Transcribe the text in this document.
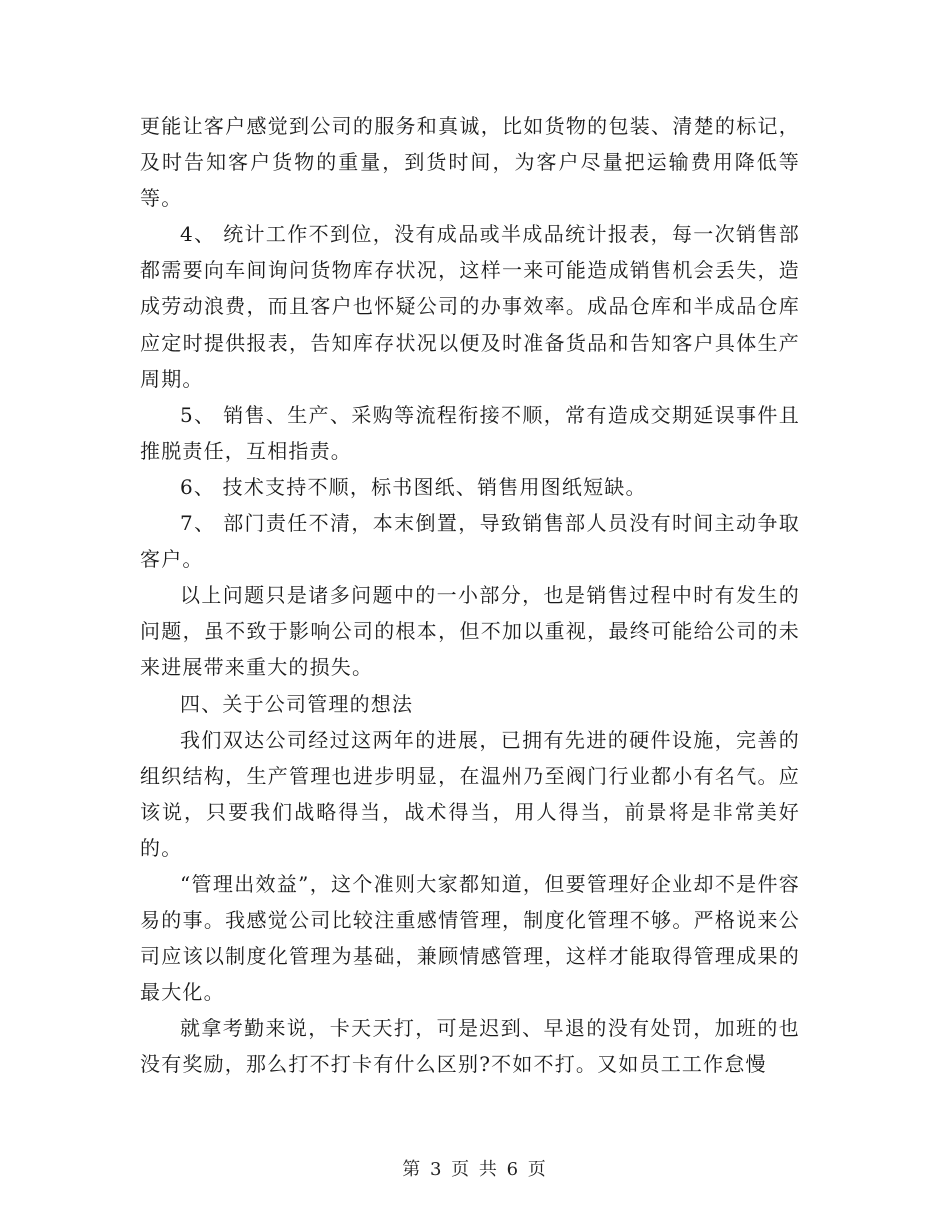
更能让客户感觉到公司的服务和真诚，比如货物的包装、清楚的标记，及时告知客户货物的重量，到货时间，为客户尽量把运输费用降低等等。

4、 统计工作不到位，没有成品或半成品统计报表，每一次销售部都需要向车间询问货物库存状况，这样一来可能造成销售机会丢失，造成劳动浪费，而且客户也怀疑公司的办事效率。成品仓库和半成品仓库应定时提供报表，告知库存状况以便及时准备货品和告知客户具体生产周期。

5、 销售、生产、采购等流程衔接不顺，常有造成交期延误事件且推脱责任，互相指责。

6、 技术支持不顺，标书图纸、销售用图纸短缺。

7、 部门责任不清，本末倒置，导致销售部人员没有时间主动争取客户。

以上问题只是诸多问题中的一小部分，也是销售过程中时有发生的问题，虽不致于影响公司的根本，但不加以重视，最终可能给公司的未来进展带来重大的损失。

四、关于公司管理的想法

我们双达公司经过这两年的进展，已拥有先进的硬件设施，完善的组织结构，生产管理也进步明显，在温州乃至阀门行业都小有名气。应该说，只要我们战略得当，战术得当，用人得当，前景将是非常美好的。

“管理出效益”，这个准则大家都知道，但要管理好企业却不是件容易的事。我感觉公司比较注重感情管理，制度化管理不够。严格说来公司应该以制度化管理为基础，兼顾情感管理，这样才能取得管理成果的最大化。

就拿考勤来说，卡天天打，可是迟到、早退的没有处罚，加班的也没有奖励，那么打不打卡有什么区别?不如不打。又如员工工作怠慢

第 3 页 共 6 页
